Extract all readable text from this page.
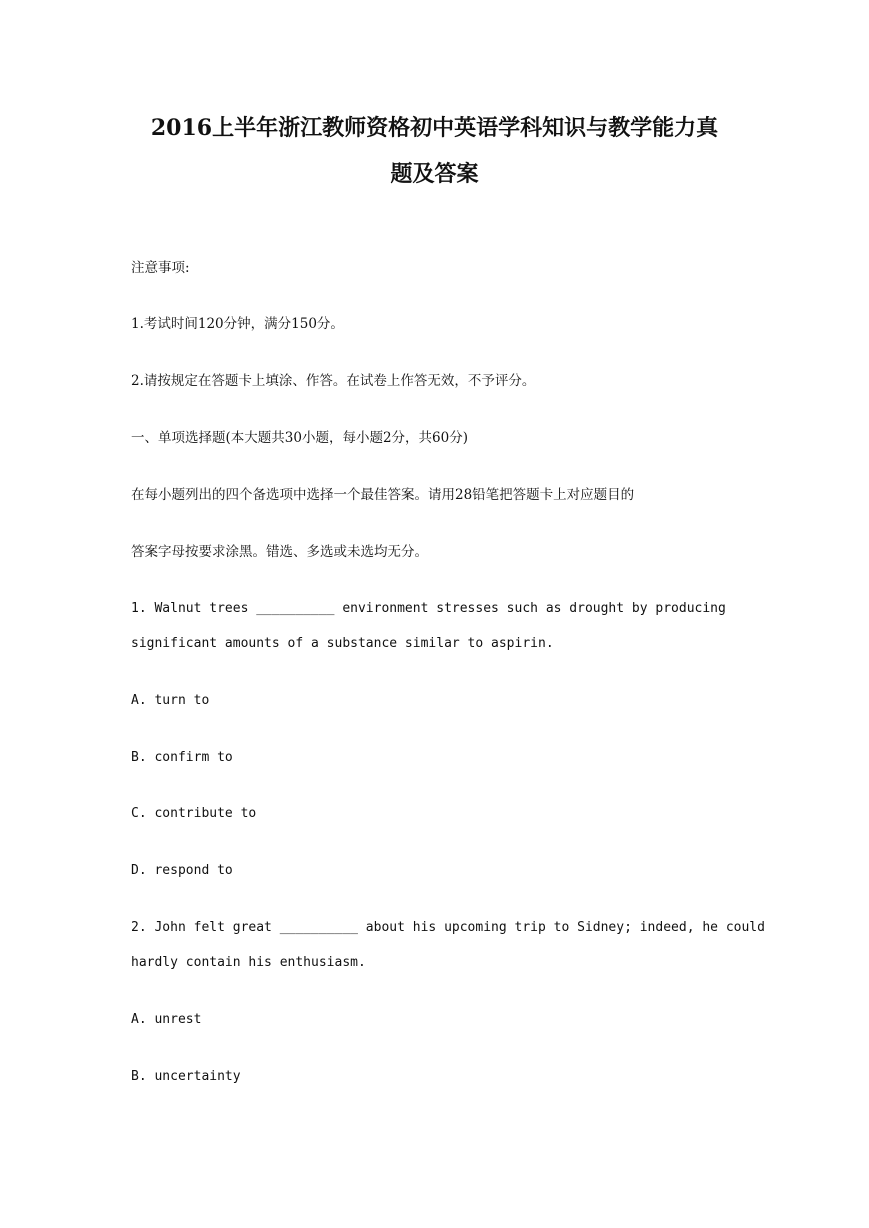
2016上半年浙江教师资格初中英语学科知识与教学能力真
题及答案
注意事项:
1.考试时间120分钟，满分150分。
2.请按规定在答题卡上填涂、作答。在试卷上作答无效，不予评分。
一、单项选择题(本大题共30小题，每小题2分，共60分)
在每小题列出的四个备选项中选择一个最佳答案。请用28铅笔把答题卡上对应题目的
答案字母按要求涂黑。错选、多选或未选均无分。
1. Walnut trees __________ environment stresses such as drought by producing
significant amounts of a substance similar to aspirin.
A. turn to
B. confirm to
C. contribute to
D. respond to
2. John felt great __________ about his upcoming trip to Sidney; indeed, he could
hardly contain his enthusiasm.
A. unrest
B. uncertainty
